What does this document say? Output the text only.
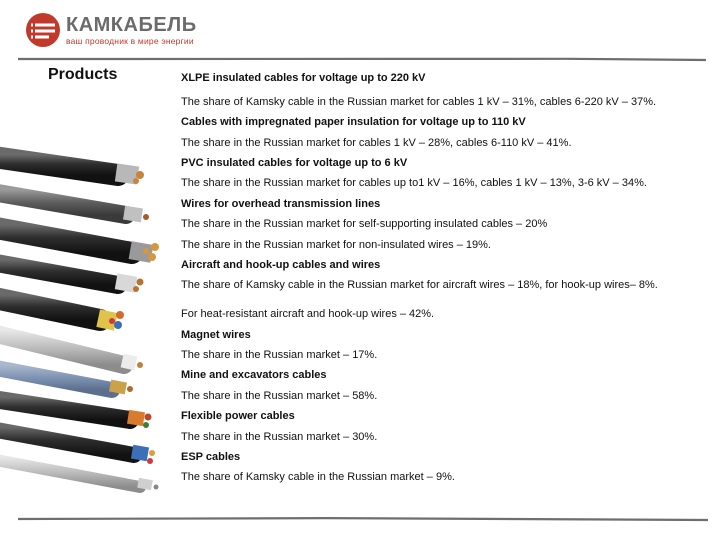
КАМКАБЕЛЬ
ваш проводник в мире энергии
Products	XLPE insulated cables for voltage up to 220 kV
The share of Kamsky cable in the Russian market for cables 1 kV – 31%, cables 6-220 kV – 37%.
Cables with impregnated paper insulation for voltage up to 110 kV
The share in the Russian market for cables 1 kV – 28%, cables 6-110 kV – 41%.
PVC insulated cables for voltage up to 6 kV
The share in the Russian market for cables up to1 kV – 16%, cables 1 kV – 13%, 3-6 kV – 34%.
Wires for overhead transmission lines
The share in the Russian market for self-supporting insulated cables – 20%
The share in the Russian market for non-insulated wires – 19%.
Aircraft and hook-up cables and wires
The share of Kamsky cable in the Russian market for aircraft wires – 18%, for hook-up wires– 8%.
For heat-resistant aircraft and hook-up wires – 42%.
Magnet wires
The share in the Russian market – 17%.
Mine and excavators cables
The share in the Russian market – 58%.
Flexible power cables
The share in the Russian market – 30%.
ESP cables
The share of Kamsky cable in the Russian market – 9%.
